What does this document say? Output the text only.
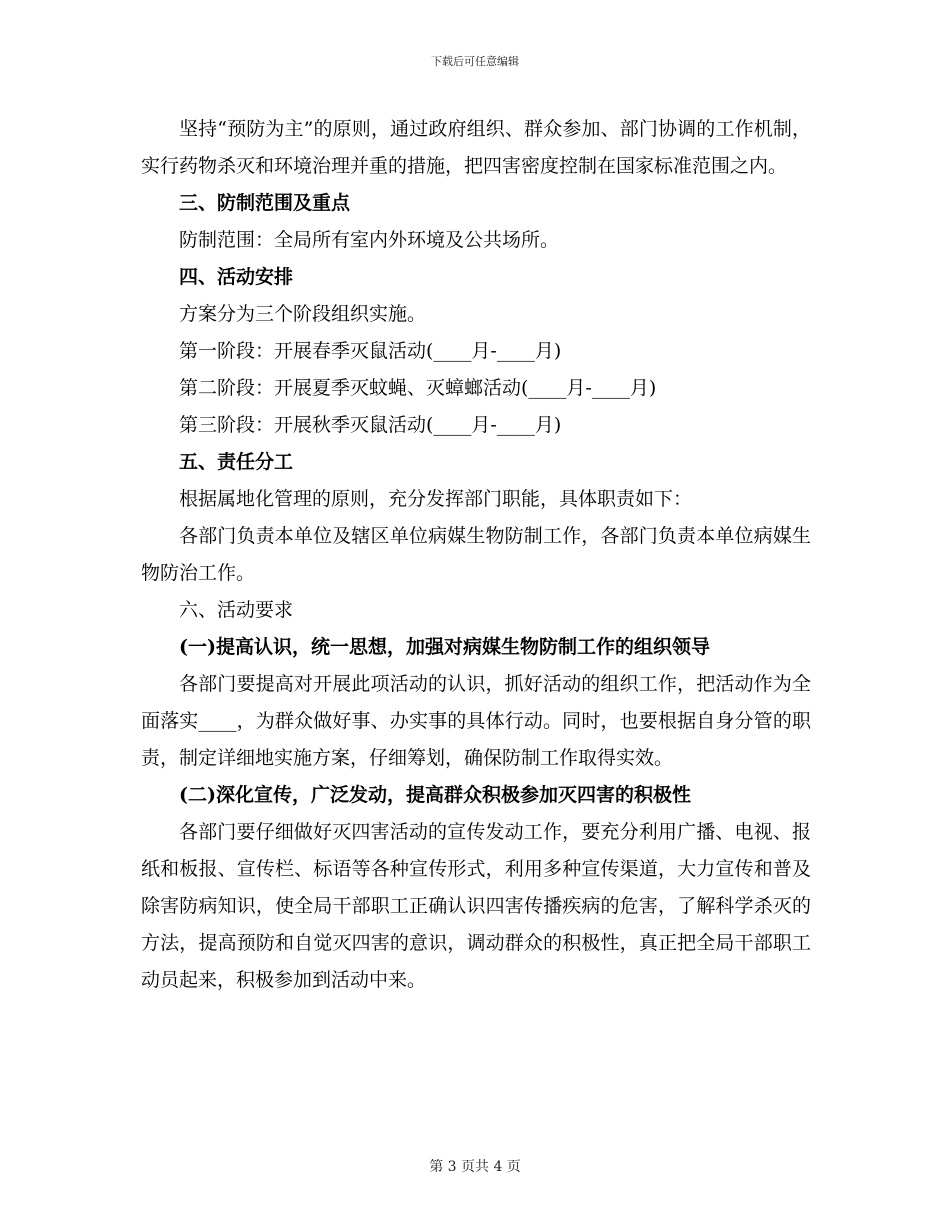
下载后可任意编辑

坚持“预防为主”的原则，通过政府组织、群众参加、部门协调的工作机制，实行药物杀灭和环境治理并重的措施，把四害密度控制在国家标准范围之内。

三、防制范围及重点

防制范围：全局所有室内外环境及公共场所。

四、活动安排

方案分为三个阶段组织实施。

第一阶段：开展春季灭鼠活动(____月-____月)

第二阶段：开展夏季灭蚊蝇、灭蟑螂活动(____月-____月)

第三阶段：开展秋季灭鼠活动(____月-____月)

五、责任分工

根据属地化管理的原则，充分发挥部门职能，具体职责如下：

各部门负责本单位及辖区单位病媒生物防制工作，各部门负责本单位病媒生物防治工作。

六、活动要求

(一)提高认识，统一思想，加强对病媒生物防制工作的组织领导

各部门要提高对开展此项活动的认识，抓好活动的组织工作，把活动作为全面落实____，为群众做好事、办实事的具体行动。同时，也要根据自身分管的职责，制定详细地实施方案，仔细筹划，确保防制工作取得实效。

(二)深化宣传，广泛发动，提高群众积极参加灭四害的积极性

各部门要仔细做好灭四害活动的宣传发动工作，要充分利用广播、电视、报纸和板报、宣传栏、标语等各种宣传形式，利用多种宣传渠道，大力宣传和普及除害防病知识，使全局干部职工正确认识四害传播疾病的危害，了解科学杀灭的方法，提高预防和自觉灭四害的意识，调动群众的积极性，真正把全局干部职工动员起来，积极参加到活动中来。

第 3 页共 4 页
